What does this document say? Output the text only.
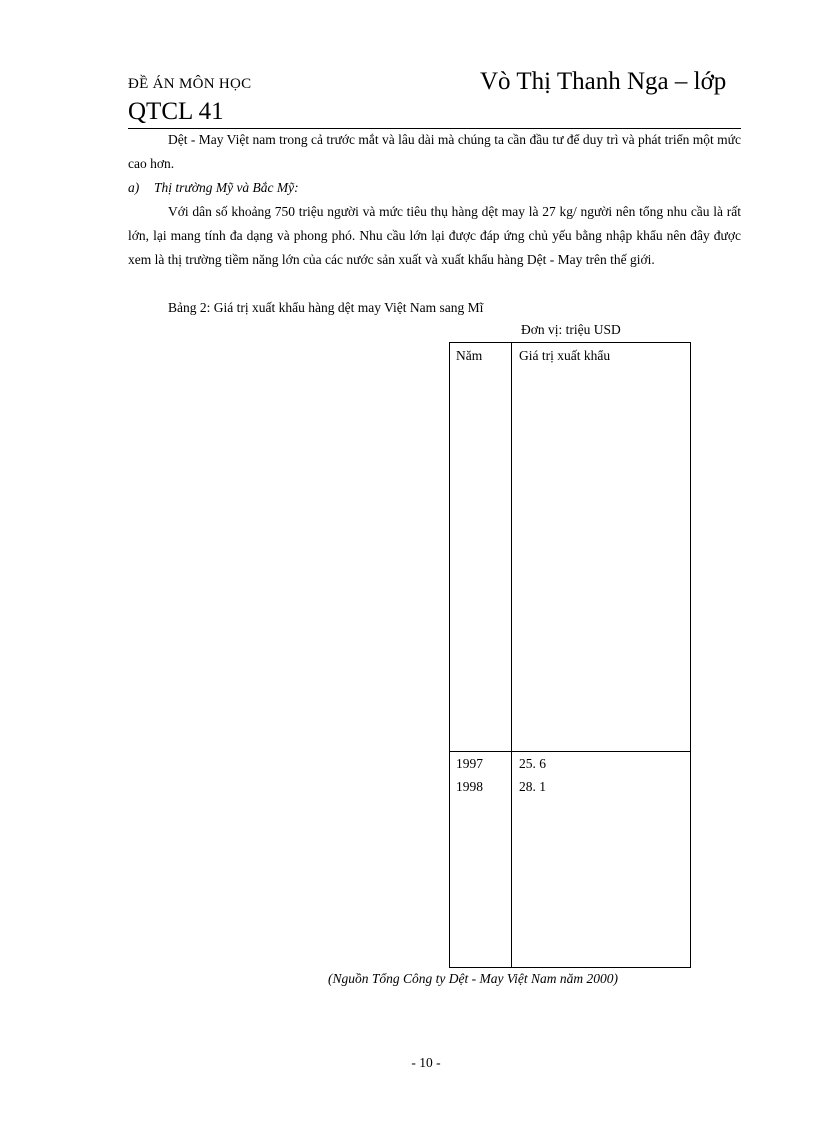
ĐỀ ÁN MÔN HỌC	Vò Thị Thanh Nga – lớp
QTCL 41
Dệt - May Việt nam trong cả trước mắt và lâu dài mà chúng ta cần đầu tư để duy trì và phát triển một mức cao hơn.
a) Thị trường Mỹ và Bắc Mỹ:
Với dân số khoảng 750 triệu người và mức tiêu thụ hàng dệt may là 27 kg/ người nên tổng nhu cầu là rất lớn, lại mang tính đa dạng và phong phó. Nhu cầu lớn lại được đáp ứng chủ yếu bằng nhập khẩu nên đây được xem là thị trường tiềm năng lớn của các nước sản xuất và xuất khẩu hàng Dệt - May trên thế giới.
Bảng 2: Giá trị xuất khẩu hàng dệt may Việt Nam sang Mĩ
Đơn vị: triệu USD
Năm	Giá trị xuất khẩu
1997	25. 6
1998	28. 1
(Nguồn Tổng Công ty Dệt - May Việt Nam năm 2000)
- 10 -
